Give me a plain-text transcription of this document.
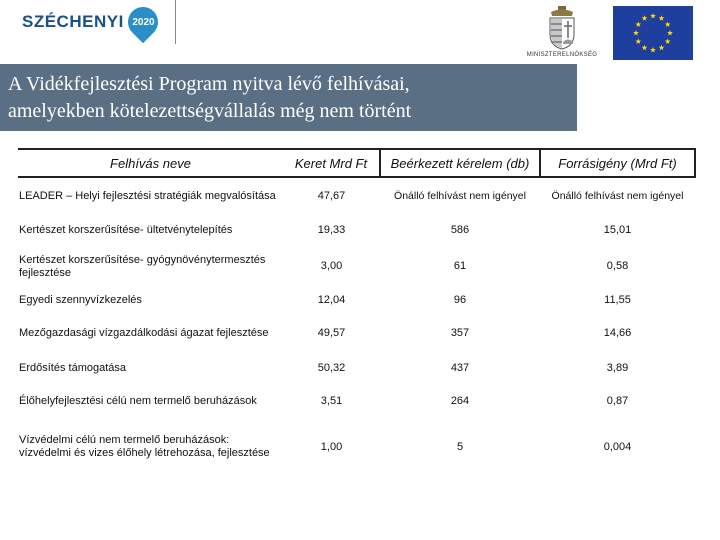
SZÉCHENYI 2020
MINISZTERELNÖKSÉG

A Vidékfejlesztési Program nyitva lévő felhívásai,

amelyekben kötelezettségvállalás még nem történt

Felhívás neve	Keret Mrd Ft	Beérkezett kérelem (db)	Forrásigény (Mrd Ft)
LEADER – Helyi fejlesztési stratégiák megvalósítása	47,67	Önálló felhívást nem igényel	Önálló felhívást nem igényel
Kertészet korszerűsítése- ültetvénytelepítés	19,33	586	15,01
Kertészet korszerűsítése- gyógynövénytermesztés fejlesztése	3,00	61	0,58
Egyedi szennyvízkezelés	12,04	96	11,55
Mezőgazdasági vízgazdálkodási ágazat fejlesztése	49,57	357	14,66
Erdősítés támogatása	50,32	437	3,89
Élőhelyfejlesztési célú nem termelő beruházások	3,51	264	0,87
Vízvédelmi célú nem termelő beruházások: vízvédelmi és vizes élőhely létrehozása, fejlesztése	1,00	5	0,004
